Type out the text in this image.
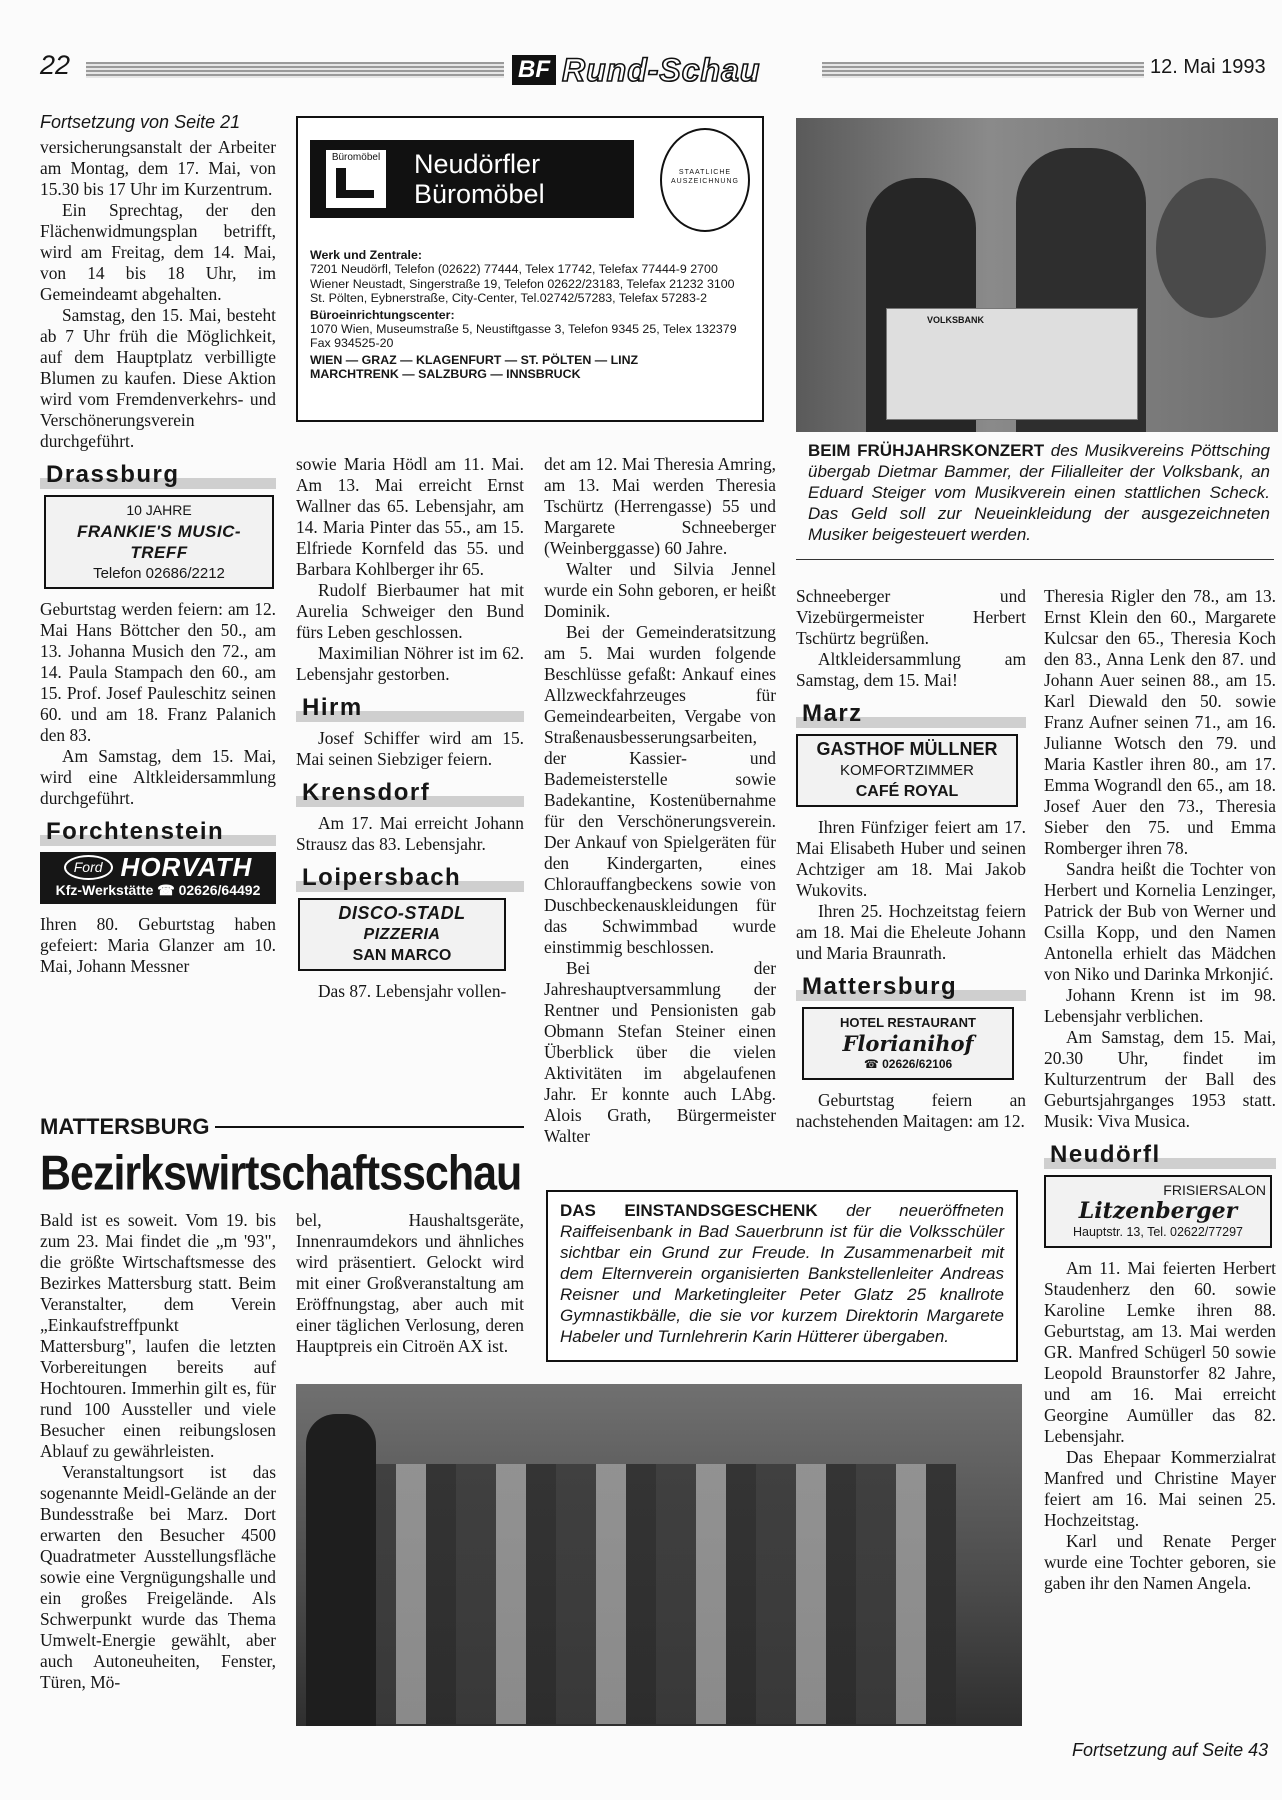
22	BF Rund-Schau	12. Mai 1993
Fortsetzung von Seite 21

versicherungsanstalt der Arbeiter am Montag, dem 17. Mai, von 15.30 bis 17 Uhr im Kurzentrum.

Ein Sprechtag, der den Flächenwidmungsplan betrifft, wird am Freitag, dem 14. Mai, von 14 bis 18 Uhr, im Gemeindeamt abgehalten.

Samstag, den 15. Mai, besteht ab 7 Uhr früh die Möglichkeit, auf dem Hauptplatz verbilligte Blumen zu kaufen. Diese Aktion wird vom Fremdenverkehrs- und Verschönerungsverein durchgeführt.

Drassburg
10 JAHRE
FRANKIE'S MUSIC-TREFF
Telefon 02686/2212

Geburtstag werden feiern: am 12. Mai Hans Böttcher den 50., am 13. Johanna Musich den 72., am 14. Paula Stampach den 60., am 15. Prof. Josef Pauleschitz seinen 60. und am 18. Franz Palanich den 83.

Am Samstag, dem 15. Mai, wird eine Altkleidersammlung durchgeführt.

Forchtenstein
Ford HORVATH
Kfz-Werkstätte ☎ 02626/64492

Ihren 80. Geburtstag haben gefeiert: Maria Glanzer am 10. Mai, Johann Messner

Büromöbel Neudörfler
Büromöbel
STAATLICHE AUSZEICHNUNG
Werk und Zentrale:
7201 Neudörfl, Telefon (02622) 77444, Telex 17742, Telefax 77444-9 2700 Wiener Neustadt, Singerstraße 19, Telefon 02622/23183, Telefax 21232 3100 St. Pölten, Eybnerstraße, City-Center, Tel.02742/57283, Telefax 57283-2
Büroeinrichtungscenter:
1070 Wien, Museumstraße 5, Neustiftgasse 3, Telefon 9345 25, Telex 132379 Fax 934525-20
WIEN — GRAZ — KLAGENFURT — ST. PÖLTEN — LINZ
MARCHTRENK — SALZBURG — INNSBRUCK
VOLKSBANK
BEIM FRÜHJAHRSKONZERT des Musikvereins Pöttsching übergab Dietmar Bammer, der Filialleiter der Volksbank, an Eduard Steiger vom Musikverein einen stattlichen Scheck. Das Geld soll zur Neueinkleidung der ausgezeichneten Musiker beigesteuert werden.

sowie Maria Hödl am 11. Mai. Am 13. Mai erreicht Ernst Wallner das 65. Lebensjahr, am 14. Maria Pinter das 55., am 15. Elfriede Kornfeld das 55. und Barbara Kohlberger ihr 65.

Rudolf Bierbaumer hat mit Aurelia Schweiger den Bund fürs Leben geschlossen.

Maximilian Nöhrer ist im 62. Lebensjahr gestorben.

Hirm

Josef Schiffer wird am 15. Mai seinen Siebziger feiern.

Krensdorf

Am 17. Mai erreicht Johann Strausz das 83. Lebensjahr.

Loipersbach
DISCO-STADL
PIZZERIA
SAN MARCO

Das 87. Lebensjahr vollen-

det am 12. Mai Theresia Amring, am 13. Mai werden Theresia Tschürtz (Herrengasse) 55 und Margarete Schneeberger (Weinberggasse) 60 Jahre.

Walter und Silvia Jennel wurde ein Sohn geboren, er heißt Dominik.

Bei der Gemeinderatsitzung am 5. Mai wurden folgende Beschlüsse gefaßt: Ankauf eines Allzweckfahrzeuges für Gemeindearbeiten, Vergabe von Straßenausbesserungsarbeiten, der Kassier- und Bademeisterstelle sowie Badekantine, Kostenübernahme für den Verschönerungsverein. Der Ankauf von Spielgeräten für den Kindergarten, eines Chlorauffangbeckens sowie von Duschbeckenauskleidungen für das Schwimmbad wurde einstimmig beschlossen.

Bei der Jahreshauptversammlung der Rentner und Pensionisten gab Obmann Stefan Steiner einen Überblick über die vielen Aktivitäten im abgelaufenen Jahr. Er konnte auch LAbg. Alois Grath, Bürgermeister Walter

Schneeberger und Vizebürgermeister Herbert Tschürtz begrüßen.

Altkleidersammlung am Samstag, dem 15. Mai!

Marz
GASTHOF MÜLLNER
KOMFORTZIMMER
CAFÉ ROYAL

Ihren Fünfziger feiert am 17. Mai Elisabeth Huber und seinen Achtziger am 18. Mai Jakob Wukovits.

Ihren 25. Hochzeitstag feiern am 18. Mai die Eheleute Johann und Maria Braunrath.

Mattersburg
HOTEL RESTAURANT
Florianihof
☎ 02626/62106

Geburtstag feiern an nachstehenden Maitagen: am 12.

Theresia Rigler den 78., am 13. Ernst Klein den 60., Margarete Kulcsar den 65., Theresia Koch den 83., Anna Lenk den 87. und Johann Auer seinen 88., am 15. Karl Diewald den 50. sowie Franz Aufner seinen 71., am 16. Julianne Wotsch den 79. und Maria Kastler ihren 80., am 17. Emma Wograndl den 65., am 18. Josef Auer den 73., Theresia Sieber den 75. und Emma Romberger ihren 78.

Sandra heißt die Tochter von Herbert und Kornelia Lenzinger, Patrick der Bub von Werner und Csilla Kopp, und den Namen Antonella erhielt das Mädchen von Niko und Darinka Mrkonjić.

Johann Krenn ist im 98. Lebensjahr verblichen.

Am Samstag, dem 15. Mai, 20.30 Uhr, findet im Kulturzentrum der Ball des Geburtsjahrganges 1953 statt. Musik: Viva Musica.

Neudörfl
FRISIERSALON
Litzenberger
Hauptstr. 13, Tel. 02622/77297

Am 11. Mai feierten Herbert Staudenherz den 60. sowie Karoline Lemke ihren 88. Geburtstag, am 13. Mai werden GR. Manfred Schügerl 50 sowie Leopold Braunstorfer 82 Jahre, und am 16. Mai erreicht Georgine Aumüller das 82. Lebensjahr.

Das Ehepaar Kommerzialrat Manfred und Christine Mayer feiert am 16. Mai seinen 25. Hochzeitstag.

Karl und Renate Perger wurde eine Tochter geboren, sie gaben ihr den Namen Angela.

Fortsetzung auf Seite 43
MATTERSBURG
Bezirkswirtschaftsschau

Bald ist es soweit. Vom 19. bis zum 23. Mai findet die „m '93", die größte Wirtschaftsmesse des Bezirkes Mattersburg statt. Beim Veranstalter, dem Verein „Einkaufstreffpunkt Mattersburg", laufen die letzten Vorbereitungen bereits auf Hochtouren. Immerhin gilt es, für rund 100 Aussteller und viele Besucher einen reibungslosen Ablauf zu gewährleisten.

Veranstaltungsort ist das sogenannte Meidl-Gelände an der Bundesstraße bei Marz. Dort erwarten den Besucher 4500 Quadratmeter Ausstellungsfläche sowie eine Vergnügungshalle und ein großes Freigelände. Als Schwerpunkt wurde das Thema Umwelt-Energie gewählt, aber auch Autoneuheiten, Fenster, Türen, Mö-

bel, Haushaltsgeräte, Innenraumdekors und ähnliches wird präsentiert. Gelockt wird mit einer Großveranstaltung am Eröffnungstag, aber auch mit einer täglichen Verlosung, deren Hauptpreis ein Citroën AX ist.

DAS EINSTANDSGESCHENK der neueröffneten Raiffeisenbank in Bad Sauerbrunn ist für die Volksschüler sichtbar ein Grund zur Freude. In Zusammenarbeit mit dem Elternverein organisierten Bankstellenleiter Andreas Reisner und Marketingleiter Peter Glatz 25 knallrote Gymnastikbälle, die sie vor kurzem Direktorin Margarete Habeler und Turnlehrerin Karin Hütterer übergaben.
